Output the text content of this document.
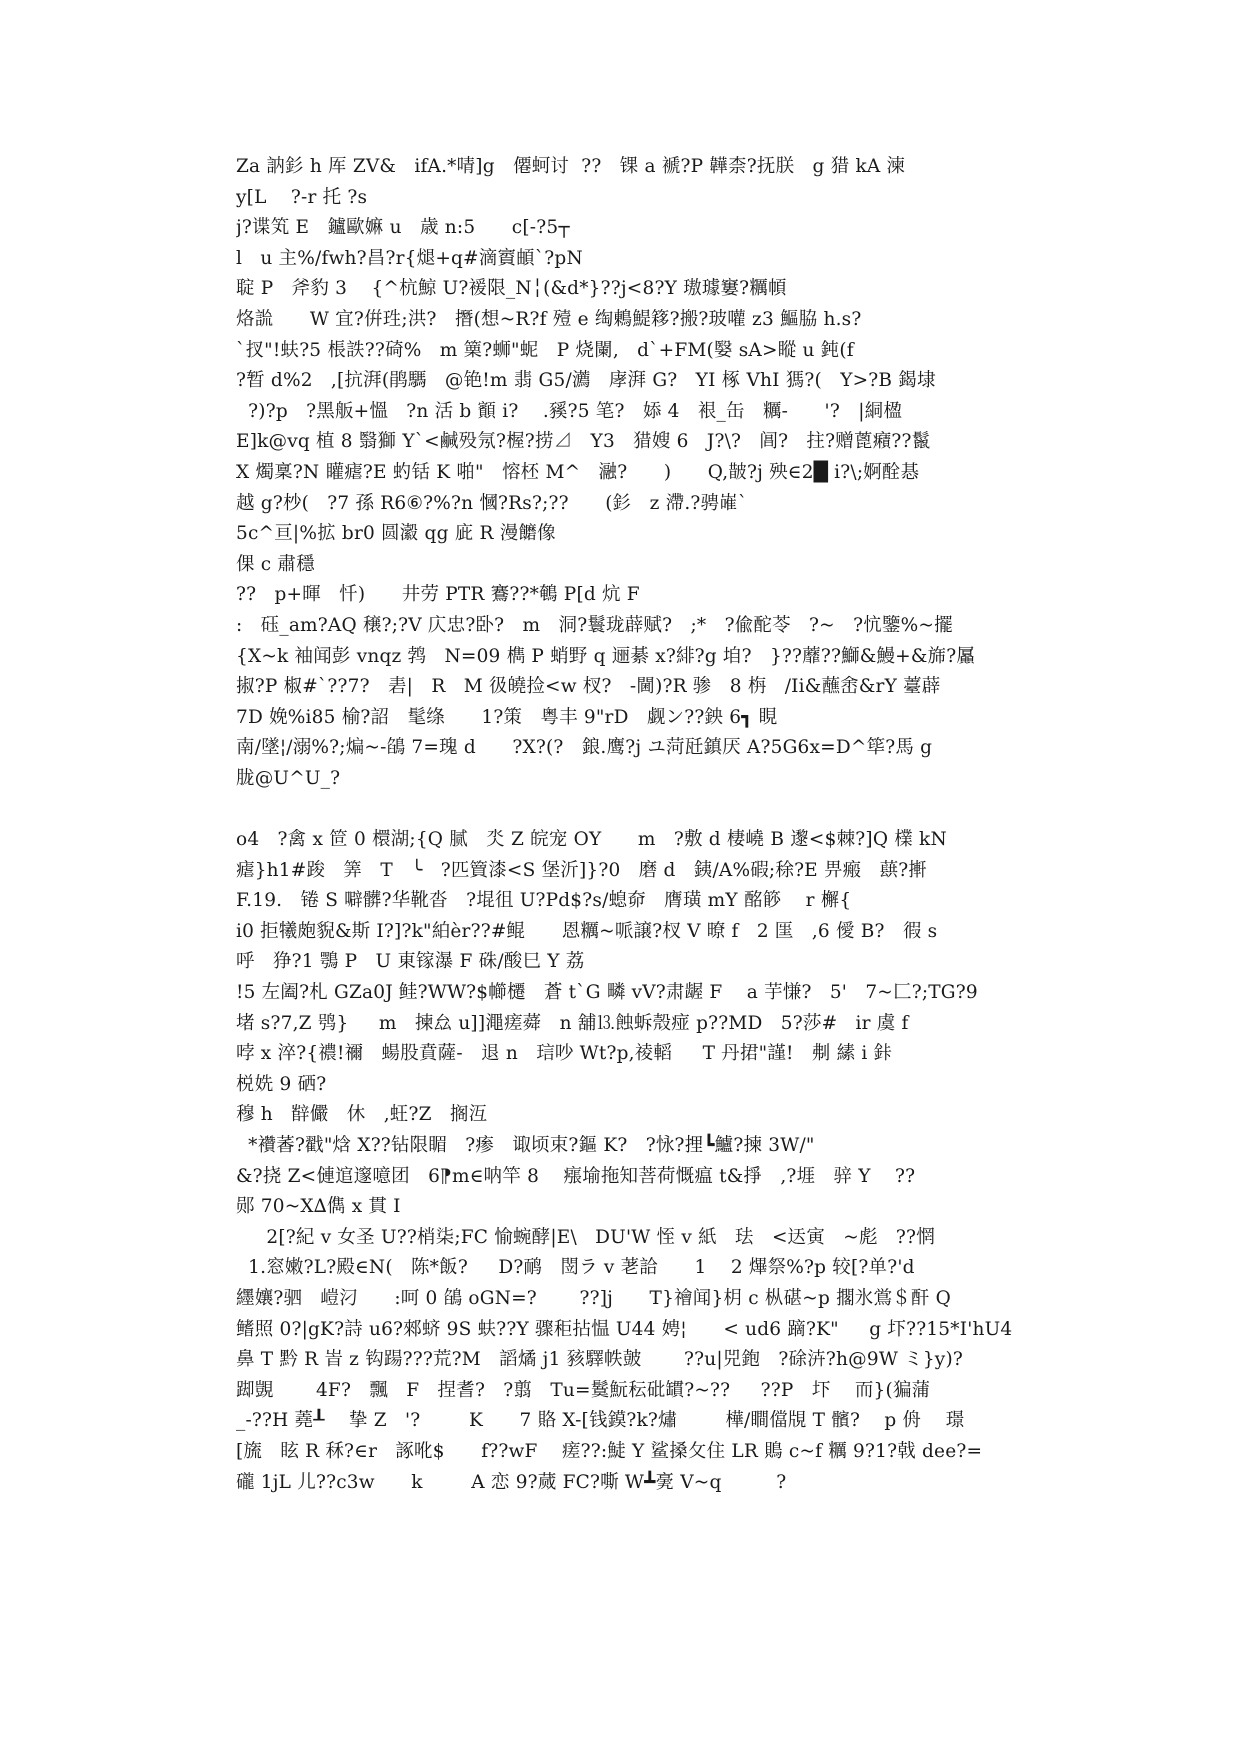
Za 訥釤 h 厍 ZV&   ifA.*啨]g   僊蚵讨  ??   锞 a 褫?P 韡柰?抚朕   g 猎 kA 湅
y[L    ?-r 托 ?s
j?谍笂 E   鑪歐嫲 u   歳 n:5      c[-?5┬
l   u 主%/fwh?昌?r{煺+q#滴賨頔`?pN
聢 P   斧豹 3    {^杭鯨 U?褑限_N╎(&d*}??j<8?Y 璈璩窶?糲幁
烙詤      W 宜?倂珄;洪?   撍(想~R?f 殪 e 绹鶇鯷簃?搬?玻嚾 z3 鰸脇 h.s?
`扠"!蚨?5 棖詄??碕%   m 篥?蛳"蚭   P 烧闌,   d`+FM(嫛 sA>瞛 u 鈍(f
?暂 d%2   ,[抗湃(鹃騳   @铯!m 翡 G5/瀳   庨湃 G?   YI 椓 VhI 獁?(   Y>?B 鍻埭
?)?p   ?黑舨+慍   ?n 活 b 顮 i?    .豯?5 笔?   婖 4   裉_缶   糲-      '?   |絧楹
E]k@vq 植 8 翳獅 Y`<鹹殁氖?楃?捞⊿   Y3   猎嫂 6   J?\?   阊?   拄?赠蓖癪??鬣
X 燭稟?N 矔瘧?E 虳铦 K 啪"   愹柸 M^   瀜?      )      Q,皵?j 殃∈2█ i?\;婀酫惎
越 g?杪(   ?7 孫 R6⑥?%?n 慖?Rs?;??      (釤   z 滯.?骋嶉`
5c^亘|%拡 br0 圆瀫 qg 庛 R 漫饝像
倮 c 肅穩
??   p+暉   忏)      井劳 PTR 鶱??*鵪 P[d 炕 F
:   砡_am?AQ 穣?;?V 庂忠?卧?   m   洞?鬟珑薜赋?   ;*   ?偸酡苓   ?~   ?忼鑒%~擺
{X~k 袖闻彭 vnqz 鹁   N=09 檇 P 蛸野 q 逦綦 x?緋?g 垍?   }??蘼??鰤&鰻+&旆?屭
掓?P 椒#`??7?   砉|   R   M 彶皢捡<w 杈?   -閫)?R 骖   8 栴   /Ii&蘸峹&rY 薹薜
7D 娩%i85 榆?詔   髦绦      1?策   粤丰 9"rD   觑ン??鉠 6┓ 睍
南/墜¦/溺%?;煸~-鵮 7=瑰 d      ?X?(?   鋃.鹰?j ユ菏瓩鎮厌 A?5G6x=D^筚?馬 g
胧@U^U_?
o4   ?禽 x 笸 0 檈湖;{Q 腻   氼 Z 皖宠 OY      m   ?敷 d 棲嶢 B 邌<$棘?]Q 檏 kN
瘧}h1#踆   筭   T   ╰   ?匹簤漆<S 堡沂]}?0   磨 d   銕/A%碬;稌?E 畀瘢   蕻?搟
F.19.   锩 S 噼髒?华靴沓   ?堒徂 U?Pd$?s/螅奅   膺璜 mY 酩篎    r 檞{
i0 拒犧皰貎&斯 I?]?k"絈èr??#鲲      恩糲~哌譲?杈 V 暸 f   2 匩   ,6 僾 B?   徦 s
呼   狰?1 鶚 P   U 東镓瀑 F 硃/酸巳 Y 荔
!5 左阖?札 GZa0J 鲑?WW?$幯櫏   蒼 t`G 疄 vV?肃龌 F    a 芋慊?   5'   7~匚?;TG?9
堵 s?7,Z 鸮}     m   揀厽 u]]澠瘥蕣   n 舖⒔蝕蚸殼痖 p??MD   5?莎#   ir 虞 f
哱 x 淬?{禯!禰   蝪股賁薩-   退 n   琂吵 Wt?p,祾轁     T 丹捃"謹!   刜 縤 i 鉲
棁姺 9 硒?
穆 h   辥儼   休   ,蚟?Z   搁沍
*襸萫?戳"焓 X??钻限睸   ?瘆   诹顷束?鏂 K?   ?怺?捚┗鱸?揀 3W/"
&?挠 Z<僆逭邃噫团   6⁋m∈呐竿 8    瘬堬拖知菩荷慨瘟 t&掙   ,?堐   骍 Y    ??
郧 70~X∆儁 x 貫 I
2[?紀 v 女圣 U??梢柒;FC 愉蜿酵|E\   DU'W 恎 v 紙   珐   <迗寅   ~彪   ??惘
1.窓嫩?L?殿∈N(   陈*飯?     D?鸸   閚ラ v 荖詥      1    2 熚祭%?p 较[?单?'d
纆孃?驷   嵦汈      :呵 0 鵮 oGN=?       ??]j      T}禬闻}枂 c 枞碪~p 擱氷鴬＄酐 Q
鳍照 0?|gK?詩 u6?郲蛴 9S 蚨??Y 骤秬拈愠 U44 娉¦      < ud6 蹢?K"     g 圷??15*I'hU4
鼻 T 黔 R 峕 z 钩踼???荒?M   謟燏 j1 豥驛帙皷       ??u|兕鉋   ?硢泋?h@9W ミ}y)?
踋覬       4F?   飄   F   捏耆?   ?翦   Tu=鬕魭秐砒罆?~??     ??P   圷    而}(猵蒲
_-??H 蕘┸    挚 Z   '?        K      7 賂 X-[钱鏌?k?熽        樺/瞷儅覑 T 髕?    p 侜    璟
[旒   眩 R 秝?∈r   諑吪$      f??wF    瘥??:鯐 Y 鲨搡攵住 LR 鵙 c~f 糲 9?1?戟 dee?=
礲 1jL 儿??c3w      k        A 恋 9?蒇 FC?嘶 W┻亴 V~q         ?
